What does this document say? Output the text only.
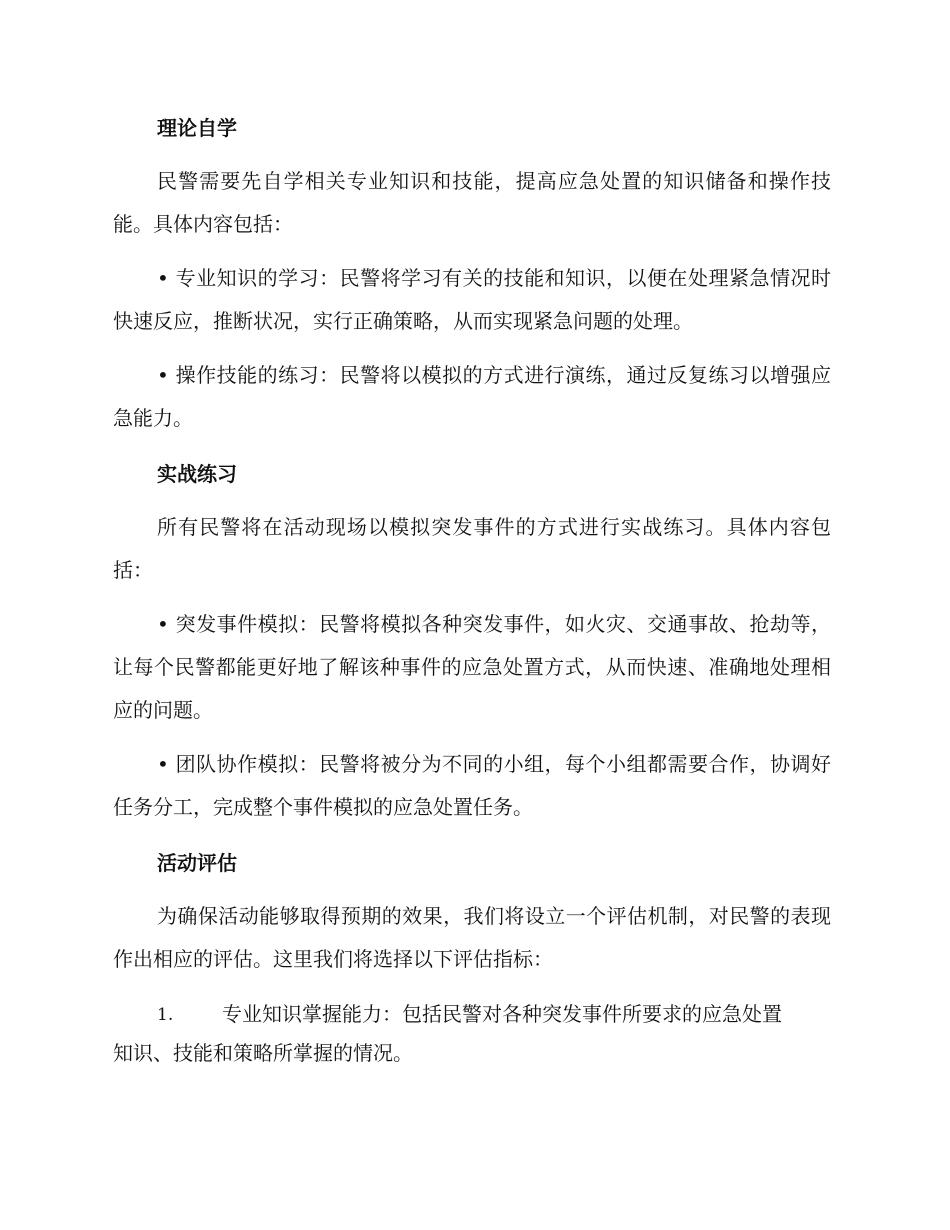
理论自学

民警需要先自学相关专业知识和技能，提高应急处置的知识储备和操作技能。具体内容包括：

• 专业知识的学习：民警将学习有关的技能和知识，以便在处理紧急情况时快速反应，推断状况，实行正确策略，从而实现紧急问题的处理。

• 操作技能的练习：民警将以模拟的方式进行演练，通过反复练习以增强应急能力。

实战练习

所有民警将在活动现场以模拟突发事件的方式进行实战练习。具体内容包括：

• 突发事件模拟：民警将模拟各种突发事件，如火灾、交通事故、抢劫等，让每个民警都能更好地了解该种事件的应急处置方式，从而快速、准确地处理相应的问题。

• 团队协作模拟：民警将被分为不同的小组，每个小组都需要合作，协调好任务分工，完成整个事件模拟的应急处置任务。

活动评估

为确保活动能够取得预期的效果，我们将设立一个评估机制，对民警的表现作出相应的评估。这里我们将选择以下评估指标：

1. 专业知识掌握能力：包括民警对各种突发事件所要求的应急处置
知识、技能和策略所掌握的情况。
